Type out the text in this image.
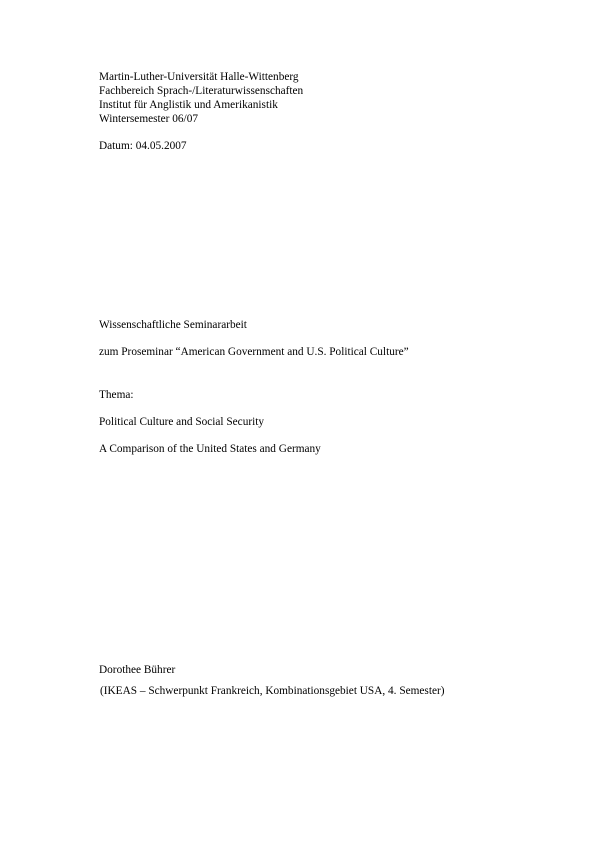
Martin-Luther-Universität Halle-Wittenberg
Fachbereich Sprach-/Literaturwissenschaften
Institut für Anglistik und Amerikanistik
Wintersemester 06/07
Datum: 04.05.2007
Wissenschaftliche Seminararbeit
zum Proseminar “American Government and U.S. Political Culture”
Thema:
Political Culture and Social Security
A Comparison of the United States and Germany
Dorothee Bührer
(IKEAS – Schwerpunkt Frankreich, Kombinationsgebiet USA, 4. Semester)
